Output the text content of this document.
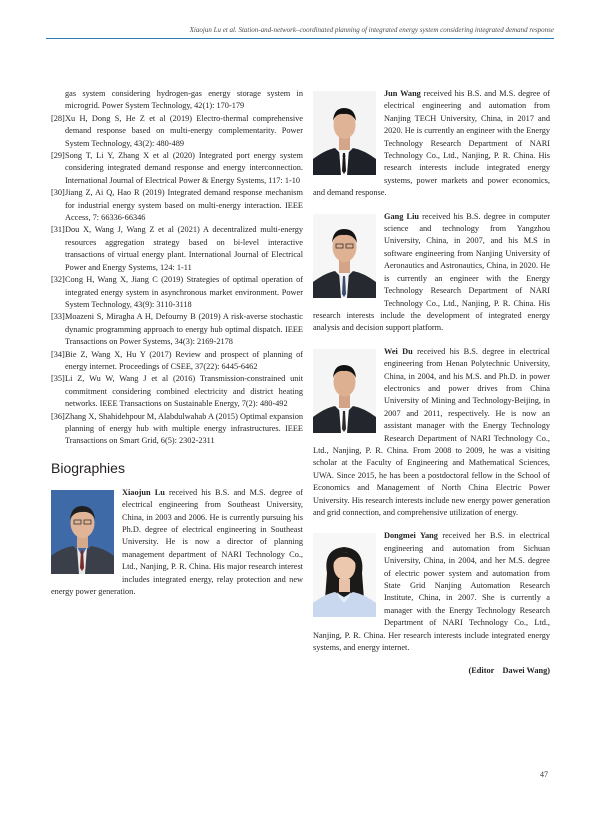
Xiaojun Lu et al. Station-and-network–coordinated planning of integrated energy system considering integrated demand response
gas system considering hydrogen-gas energy storage system in microgrid. Power System Technology, 42(1): 170-179
[28] Xu H, Dong S, He Z et al (2019) Electro-thermal comprehensive demand response based on multi-energy complementarity. Power System Technology, 43(2): 480-489
[29] Song T, Li Y, Zhang X et al (2020) Integrated port energy system considering integrated demand response and energy interconnection. International Journal of Electrical Power & Energy Systems, 117: 1-10
[30] Jiang Z, Ai Q, Hao R (2019) Integrated demand response mechanism for industrial energy system based on multi-energy interaction. IEEE Access, 7: 66336-66346
[31] Dou X, Wang J, Wang Z et al (2021) A decentralized multi-energy resources aggregation strategy based on bi-level interactive transactions of virtual energy plant. International Journal of Electrical Power and Energy Systems, 124: 1-11
[32] Cong H, Wang X, Jiang C (2019) Strategies of optimal operation of integrated energy system in asynchronous market environment. Power System Technology, 43(9): 3110-3118
[33] Moazeni S, Miragha A H, Defourny B (2019) A risk-averse stochastic dynamic programming approach to energy hub optimal dispatch. IEEE Transactions on Power Systems, 34(3): 2169-2178
[34] Bie Z, Wang X, Hu Y (2017) Review and prospect of planning of energy internet. Proceedings of CSEE, 37(22): 6445-6462
[35] Li Z, Wu W, Wang J et al (2016) Transmission-constrained unit commitment considering combined electricity and district heating networks. IEEE Transactions on Sustainable Energy, 7(2): 480-492
[36] Zhang X, Shahidehpour M, Alabdulwahab A (2015) Optimal expansion planning of energy hub with multiple energy infrastructures. IEEE Transactions on Smart Grid, 6(5): 2302-2311
Biographies
Xiaojun Lu received his B.S. and M.S. degree of electrical engineering from Southeast University, China, in 2003 and 2006. He is currently pursuing his Ph.D. degree of electrical engineering in Southeast University. He is now a director of planning management department of NARI Technology Co., Ltd., Nanjing, P. R. China. His major research interest includes integrated energy, relay protection and new energy power generation.
Jun Wang received his B.S. and M.S. degree of electrical engineering and automation from Nanjing TECH University, China, in 2017 and 2020. He is currently an engineer with the Energy Technology Research Department of NARI Technology Co., Ltd., Nanjing, P. R. China. His research interests include integrated energy systems, power markets and power economics, and demand response.
Gang Liu received his B.S. degree in computer science and technology from Yangzhou University, China, in 2007, and his M.S in software engineering from Nanjing University of Aeronautics and Astronautics, China, in 2020. He is currently an engineer with the Energy Technology Research Department of NARI Technology Co., Ltd., Nanjing, P. R. China. His research interests include the development of integrated energy analysis and decision support platform.
Wei Du received his B.S. degree in electrical engineering from Henan Polytechnic University, China, in 2004, and his M.S. and Ph.D. in power electronics and power drives from China University of Mining and Technology-Beijing, in 2007 and 2011, respectively. He is now an assistant manager with the Energy Technology Research Department of NARI Technology Co., Ltd., Nanjing, P. R. China. From 2008 to 2009, he was a visiting scholar at the Faculty of Engineering and Mathematical Sciences, UWA. Since 2015, he has been a postdoctoral fellow in the School of Economics and Management of North China Electric Power University. His research interests include new energy power generation and grid connection, and comprehensive utilization of energy.
Dongmei Yang received her B.S. in electrical engineering and automation from Sichuan University, China, in 2004, and her M.S. degree of electric power system and automation from State Grid Nanjing Automation Research Institute, China, in 2007. She is currently a manager with the Energy Technology Research Department of NARI Technology Co., Ltd., Nanjing, P. R. China. Her research interests include integrated energy systems, and energy internet.
(Editor　Dawei Wang)
47
